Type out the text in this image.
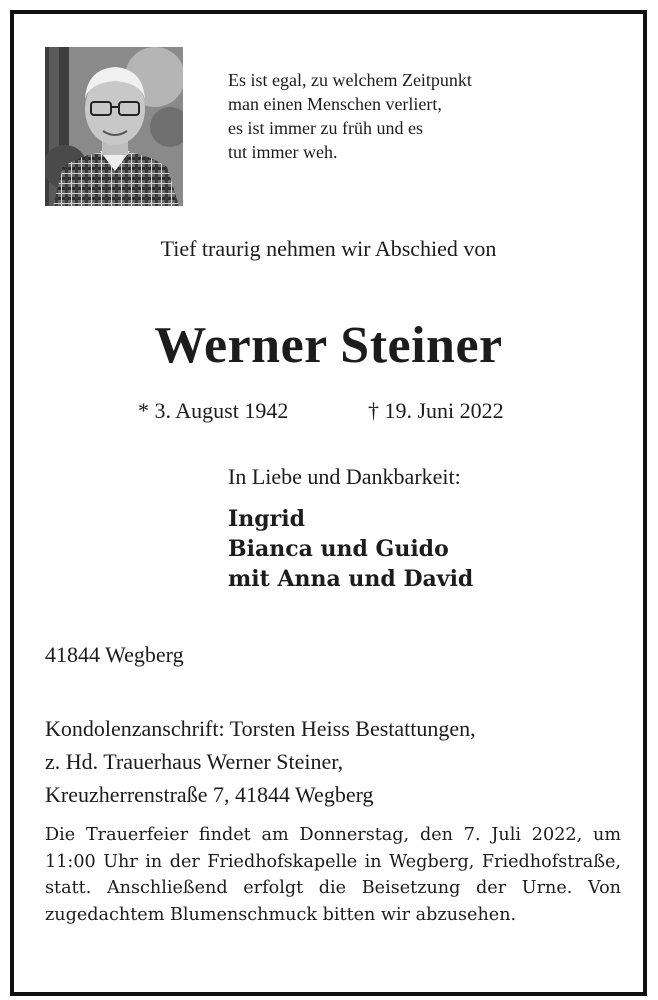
Es ist egal, zu welchem Zeitpunkt
man einen Menschen verliert,
es ist immer zu früh und es
tut immer weh.
Tief traurig nehmen wir Abschied von
Werner Steiner
* 3. August 1942	† 19. Juni 2022
In Liebe und Dankbarkeit:
Ingrid
Bianca und Guido
mit Anna und David
41844 Wegberg
Kondolenzanschrift: Torsten Heiss Bestattungen,
z. Hd. Trauerhaus Werner Steiner,
Kreuzherrenstraße 7, 41844 Wegberg
Die Trauerfeier findet am Donnerstag, den 7. Juli 2022, um 11:00 Uhr in der Friedhofskapelle in Wegberg, Friedhofstraße, statt. Anschließend erfolgt die Beisetzung der Urne. Von zugedachtem Blumenschmuck bitten wir abzusehen.
